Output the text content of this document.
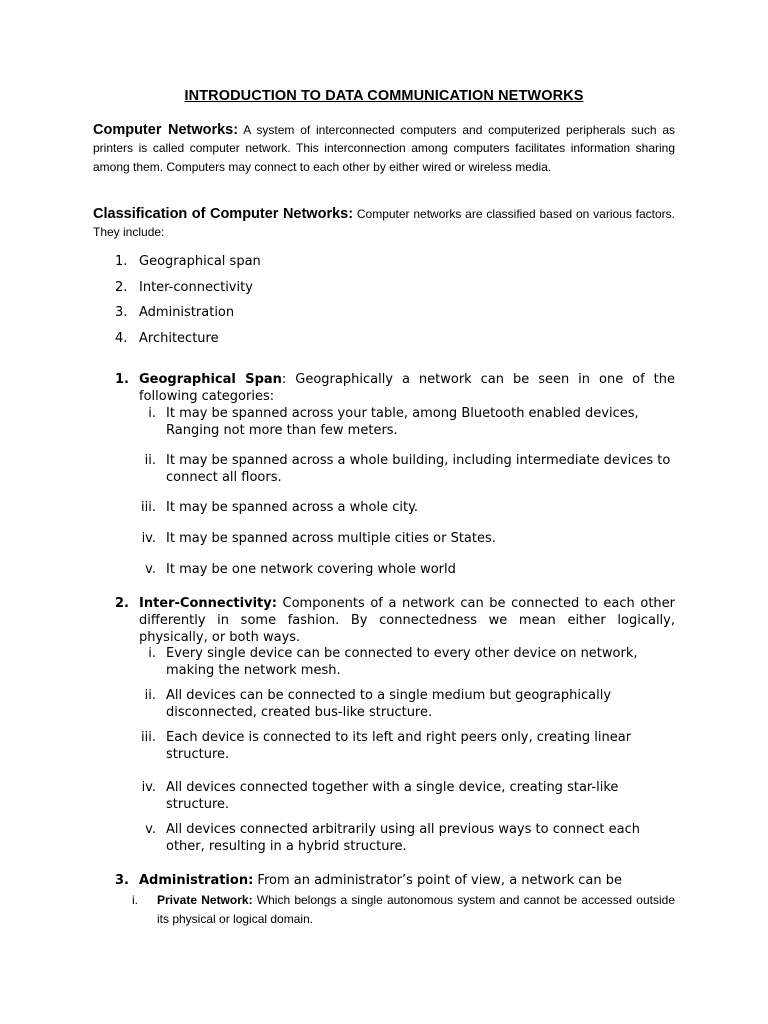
INTRODUCTION TO DATA COMMUNICATION NETWORKS
Computer Networks: A system of interconnected computers and computerized peripherals such as printers is called computer network. This interconnection among computers facilitates information sharing among them. Computers may connect to each other by either wired or wireless media.
Classification of Computer Networks: Computer networks are classified based on various factors. They include:
1. Geographical span
2. Inter-connectivity
3. Administration
4. Architecture
1. Geographical Span: Geographically a network can be seen in one of the following categories:
i. It may be spanned across your table, among Bluetooth enabled devices, Ranging not more than few meters.
ii. It may be spanned across a whole building, including intermediate devices to connect all floors.
iii. It may be spanned across a whole city.
iv. It may be spanned across multiple cities or States.
v. It may be one network covering whole world
2. Inter-Connectivity: Components of a network can be connected to each other differently in some fashion. By connectedness we mean either logically, physically, or both ways.
i. Every single device can be connected to every other device on network, making the network mesh.
ii. All devices can be connected to a single medium but geographically disconnected, created bus-like structure.
iii. Each device is connected to its left and right peers only, creating linear structure.
iv. All devices connected together with a single device, creating star-like structure.
v. All devices connected arbitrarily using all previous ways to connect each other, resulting in a hybrid structure.
3. Administration: From an administrator’s point of view, a network can be
i. Private Network: Which belongs a single autonomous system and cannot be accessed outside its physical or logical domain.
